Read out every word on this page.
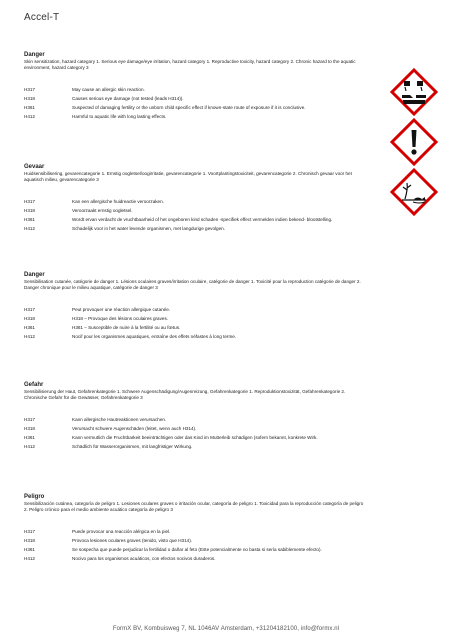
Accel-T
Danger
Skin sensitization, hazard category 1. Serious eye damage/eye irritation, hazard category 1. Reproductive toxicity, hazard category 2. Chronic hazard to the aquatic environment, hazard category 3
H317	May cause an allergic skin reaction.
H318	Causes serious eye damage (not tested (leads H314)).
H361	Suspected of damaging fertility or the unborn child specific effect if known-state route of exposure if it is conclusive.
H412	Harmful to aquatic life with long lasting effects.
Gevaar
Huidsensibilisering, gevarencategorie 1. Ernstig oogletsel/oogirritatie, gevarencategorie 1. Voortplantingstoxiciteit, gevarencategorie 2. Chronisch gevaar voor het aquatisch milieu, gevarencategorie 3
H317	Kan een allergische huidreactie veroorzaken.
H318	Veroorzaakt ernstig oogletsel.
H361	Wordt ervan verdacht de vruchtbaarheid of het ongeboren kind schaden -specifiek effect vermelden indien bekend- blootstelling.
H412	Schadelijk voor in het water levende organismen, met langdurige gevolgen.
Danger
Sensibilisation cutanée, catégorie de danger 1. Lésions oculaires graves/irritation oculaire, catégorie de danger 1. Toxicité pour la reproduction catégorie de danger 2. Danger chronique pour le milieu aquatique, catégorie de danger 3
H317	Peut provoquer une réaction allergique cutanée.
H318	H318 – Provoque des lésions oculaires graves.
H361	H361 – Susceptible de nuire à la fertilité ou au fœtus.
H412	Nocif pour les organismes aquatiques, entraîne des effets néfastes à long terme.
Gefahr
Sensibilisierung der Haut, Gefahrenkategorie 1. Schwere Augenschädigung/Augenreizung, Gefahrenkategorie 1. Reproduktionstoxizität, Gefahrenkategorie 2. Chronische Gefahr für die Gewässer, Gefahrenkategorie 3
H317	Kann allergische Hautreaktionen verursachen.
H318	Verursacht schwere Augenschäden (leitet, wenn auch H314).
H361	Kann vermutlich die Fruchtbarkeit beeinträchtigen oder das Kind im Mutterleib schädigen (sofern bekannt, konkrete Wirk.
H412	Schädlich für Wasserorganismen, mit langfristiger Wirkung.
Peligro
Sensibilización cutánea, categoría de peligro 1. Lesiones oculares graves o irritación ocular, categoría de peligro 1. Toxicidad para la reproducción categoría de peligro 2. Peligro crónico para el medio ambiente acuático categoría de peligro 3
H317	Puede provocar una reacción alérgica en la piel.
H318	Provoca lesiones oculares graves (tenido, visto que H314).
H361	Se sospecha que puede perjudicar la fertilidad o dañar al feto (Este potencialmente no basta si sería sabiblemente efecto).
H412	Nocivo para los organismos acuáticos, con efectos nocivos duraderos.
FormX BV, Kombuisweg 7, NL 1046AV Amsterdam, +31204182100, info@formx.nl
